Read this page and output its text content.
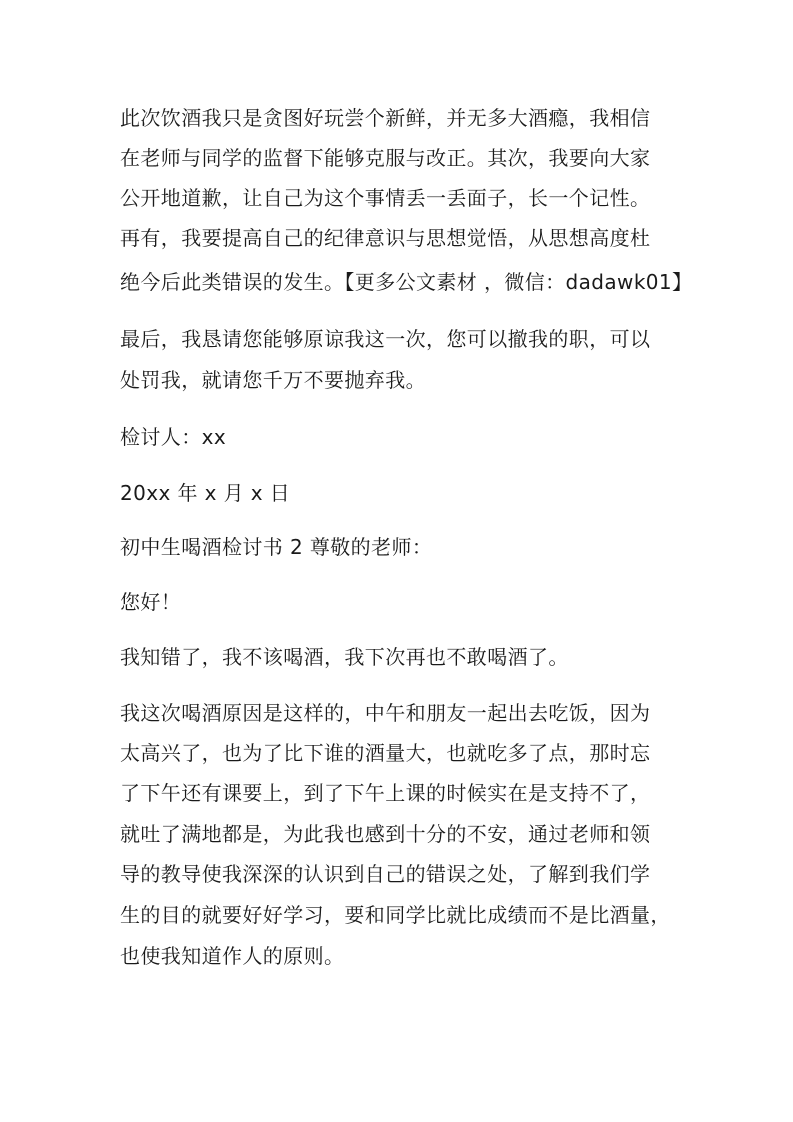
此次饮酒我只是贪图好玩尝个新鲜，并无多大酒瘾，我相信

在老师与同学的监督下能够克服与改正。其次，我要向大家

公开地道歉，让自己为这个事情丢一丢面子，长一个记性。

再有，我要提高自己的纪律意识与思想觉悟，从思想高度杜

绝今后此类错误的发生。【更多公文素材 ，微信：dadawk01】

最后，我恳请您能够原谅我这一次，您可以撤我的职，可以

处罚我，就请您千万不要抛弃我。

检讨人：xx

20xx 年 x 月 x 日

初中生喝酒检讨书 2 尊敬的老师：

您好！

我知错了，我不该喝酒，我下次再也不敢喝酒了。

我这次喝酒原因是这样的，中午和朋友一起出去吃饭，因为

太高兴了，也为了比下谁的酒量大，也就吃多了点，那时忘

了下午还有课要上，到了下午上课的时候实在是支持不了，

就吐了满地都是，为此我也感到十分的不安，通过老师和领

导的教导使我深深的认识到自己的错误之处，了解到我们学

生的目的就要好好学习，要和同学比就比成绩而不是比酒量，

也使我知道作人的原则。
